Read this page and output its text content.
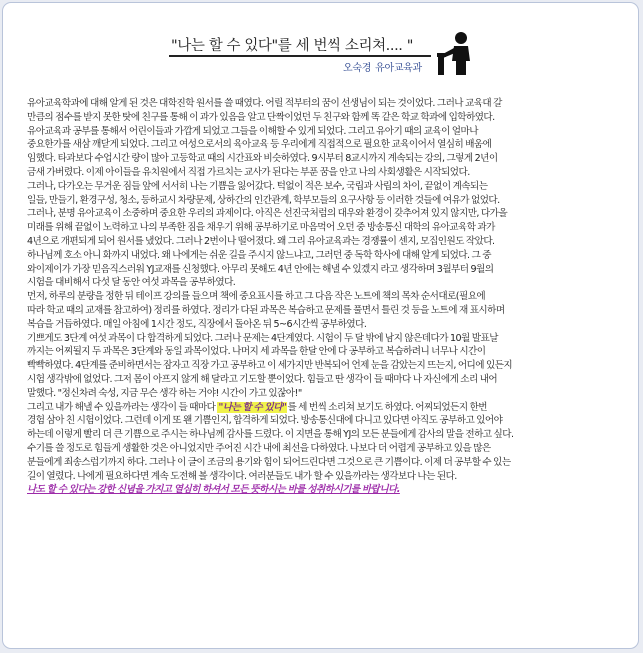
"나는 할 수 있다"를 세 번씩 소리쳐.... "
오숙경 유아교육과

유아교육학과에 대해 알게 된 것은 대학진학 원서를 쓸 때였다. 어릴 적부터의 꿈이 선생님이 되는 것이었다. 그러나 교육대 갈

만큼의 점수를 받지 못한 탓에 친구를 통해 이 과가 있음을 알고 단짝이었던 두 친구와 함께 똑 같은 학교 학과에 입학하였다.

유아교육과 공부를 통해서 어린이들과 가깝게 되었고 그들을 이해할 수 있게 되었다. 그리고 유아기 때의 교육이 얼마나

중요한가를 새삼 깨닫게 되었다. 그리고 여성으로서의 육아교육 등 우리에게 직접적으로 필요한 교육이어서 열심히 배움에

임했다. 타과보다 수업시간 량이 많아 고등학교 때의 시간표와 비슷하였다. 9시부터 8교시까지 계속되는 강의, 그렇게 2년이

금새 가버렸다. 이제 아이들을 유치원에서 직접 가르치는 교사가 된다는 부푼 꿈을 안고 나의 사회생활은 시작되었다.

그러나, 다가오는 무거운 짐들 앞에 서서히 나는 기쁨을 잃어갔다. 턱없이 적은 보수, 국립과 사립의 차이, 끝없이 계속되는

일들, 만들기, 환경구성, 청소, 등하교시 차량문제, 상하간의 인간관계, 학부모들의 요구사항 등 이러한 것들에 여유가 없었다.

그러나, 분명 유아교육이 소중하며 중요한 우리의 과제이다. 아직은 선진국처럼의 대우와 환경이 갖추어져 있지 않지만, 다가올

미래를 위해 끝없이 노력하고 나의 부족한 짐을 채우기 위해 공부하기로 마음먹어 오던 중 방송통신 대학의 유아교육학 과가

4년으로 개편되게 되어 원서를 냈었다. 그러나 2번이나 떨어졌다. 왜 그리 유아교육과는 경쟁률이 센지, 모집인원도 작았다.

하나님께 호소 아니 화까지 내었다. 왜 나에게는 쉬운 길을 주시지 않느냐고, 그러던 중 독학 학사에 대해 알게 되었다. 그 중

와이제이가 가장 믿음직스러워 YJ교재를 신청했다. 아무리 못해도 4년 안에는 해낼 수 있겠지 라고 생각하며 3월부터 9월의

시험을 대비해서 다섯 달 동안 여섯 과목을 공부하였다.

먼저, 하루의 분량을 정한 뒤 테이프 강의를 들으며 책에 중요표시를 하고 그 다음 작은 노트에 책의 목차 순서대로(필요에

따라 학교 때의 교재를 참고하여) 정리를 하였다. 정리가 다된 과목은 복습하고 문제를 풀면서 틀린 것 등을 노트에 재 표시하며

복습을 거듭하였다. 매일 아침에 1시간 정도, 직장에서 돌아온 뒤 5~6시간씩 공부하였다.

기쁘게도 3단계 여섯 과목이 다 합격하게 되었다. 그러나 문제는 4단계였다. 시험이 두 달 밖에 남지 않은데다가 10월 발표날

까지는 어찌될지 두 과목은 3단계와 동일 과목이었다. 나머지 세 과목을 한달 안에 다 공부하고 복습하려니 너무나 시간이

빡빡하였다. 4단계를 준비하면서는 잠자고 직장 가고 공부하고 이 세가지만 반복되어 언제 눈을 감았는지 뜨는지, 어디에 있든지

시험 생각밖에 없었다. 그저 몸이 아프지 않게 해 달라고 기도할 뿐이었다. 힘들고 딴 생각이 들 때마다 나 자신에게 소리 내어

말했다. "정신차려 숙성, 지금 무슨 생각 하는 거야! 시간이 가고 있잖아!"

그리고 내가 해낼 수 있을까라는 생각이 들 때마다 "나는 할 수 있다"를 세 번씩 소리쳐 보기도 하였다. 어찌되었든지 한번

경험 삼아 친 시험이었다. 그런데 이게 또 왠 기쁨인지, 합격하게 되었다. 방송통신대에 다니고 있다면 아직도 공부하고 있어야

하는데 이렇게 빨리 더 큰 기쁨으로 주시는 하나님께 감사를 드렸다. 이 지면을 통해 YJ의 모든 분들에게 감사의 말을 전하고 싶다.

수기를 쓸 정도로 힘들게 생활한 것은 아니었지만 주어진 시간 내에 최선을 다하였다. 나보다 더 어렵게 공부하고 있을 많은

분들에게 죄송스럽기까지 하다. 그러나 이 글이 조금의 용기와 힘이 되어드린다면 그것으로 큰 기쁨이다. 이제 더 공부할 수 있는

길이 열렸다. 나에게 필요하다면 계속 도전해 볼 생각이다. 여러분들도 내가 할 수 있을까라는 생각보다 나는 된다.

나도 할 수 있다는 강한 신념을 가지고 열심히 하셔서 모든 뜻하시는 바를 성취하시기를 바랍니다.
